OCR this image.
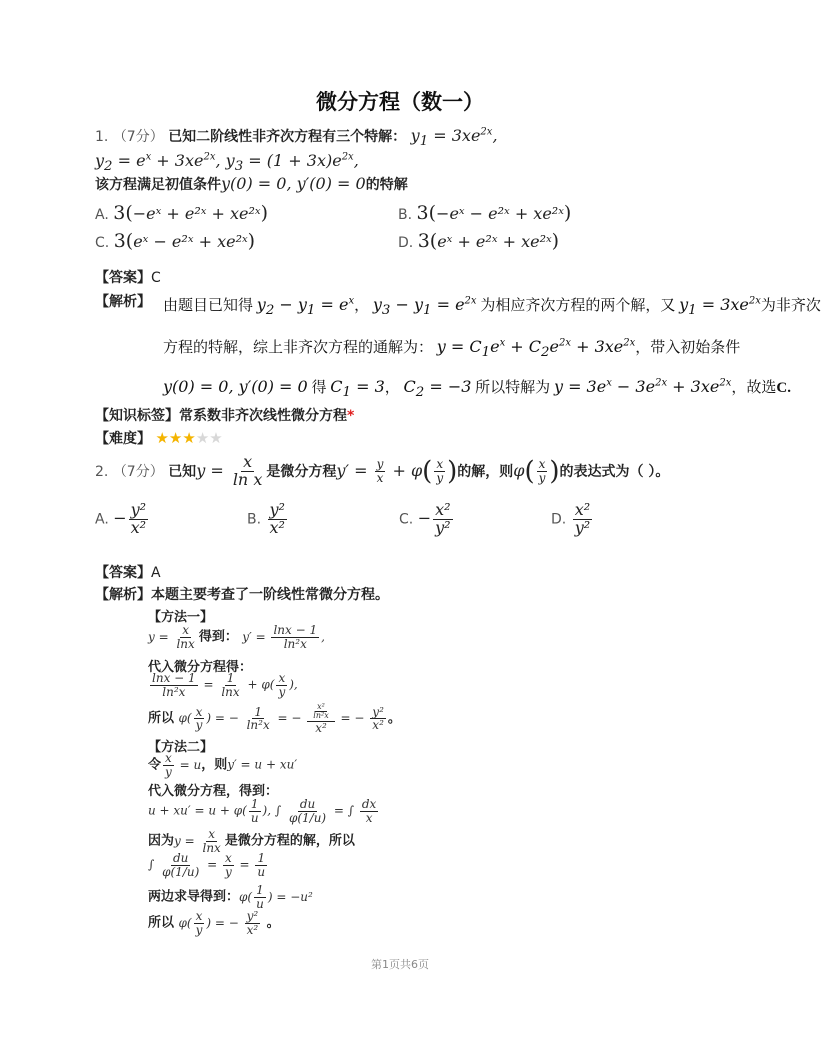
微分方程（数一）
1. （7分） 已知二阶线性非齐次方程有三个特解： $y_1 = 3xe^{2x}$,
$y_2 = e^x + 3xe^{2x}$, $y_3 = (1 + 3x)e^{2x}$,
该方程满足初值条件y(0) = 0, y′(0) = 0的特解
A. 3(−eˣ + e²ˣ + xe²ˣ)	B. 3(−eˣ − e²ˣ + xe²ˣ)
C. 3(eˣ − e²ˣ + xe²ˣ)	D. 3(eˣ + e²ˣ + xe²ˣ)
【答案】C
【解析】 由题目已知得 $y_2 - y_1 = e^x$， $y_3 - y_1 = e^{2x}$ 为相应齐次方程的两个解，又 $y_1 = 3xe^{2x}$为非齐次
方程的特解，综上非齐次方程的通解为： $y = C_1e^x + C_2e^{2x} + 3xe^{2x}$，带入初始条件
y(0) = 0, y′(0) = 0 得 $C_1 = 3$， $C_2 = -3$ 所以特解为 $y = 3e^x - 3e^{2x} + 3xe^{2x}$，故选C.
【知识标签】常系数非齐次线性微分方程*
【难度】 ★★★★★
2. （7分） 已知$y = \frac{x}{\text{ln x}}$ 是微分方程$y' = \frac{y}{x} + \varphi( \frac{x}{y}$ )的解，则$\varphi( \frac{x}{y}$ )的表达式为（ ）。
A. − $\frac{\text{y²}}{\text{x²}}$	B. $\frac{\text{y²}}{\text{x²}}$	C. − $\frac{\text{x²}}{\text{y²}}$	D. $\frac{\text{x²}}{\text{y²}}$
【答案】A
【解析】本题主要考查了一阶线性常微分方程。
【方法一】
$y = \frac{x}{\ln x}$ 得到： $y' = \frac{\ln x - 1}{\text{ln²x}}$ ,
代入微分方程得：
$\frac{\ln x - 1}{\text{ln²x}} = \frac{1}{\ln x} + \varphi( \frac{x}{y}$ ),
所以 $\varphi( \frac{x}{y}$ ) = − $\frac{1}{\text{ln²x}}$ = − $\frac{\frac{\text{x²}}{\text{ln²x}}}{\text{x²}}$ = − $\frac{\text{y²}}{\text{x²}}$ 。
【方法二】
令 $\frac{x}{y} = u$，则y′ = u + xu′
代入微分方程，得到：
$u + xu' = u + \varphi( \frac{1}{u}$ ), ∫ $\frac{du}{\varphi(1/u)}$ = ∫ $\frac{dx}{x}$
因为$y = \frac{x}{\ln x}$ 是微分方程的解，所以
∫ $\frac{du}{\varphi(1/u)} = \frac{x}{y} = \frac{1}{u}$
两边求导得到：$\varphi( \frac{1}{u}$ ) = −u²
所以 $\varphi( \frac{x}{y}$ ) = − $\frac{\text{y²}}{\text{x²}}$ 。
第1页共6页
